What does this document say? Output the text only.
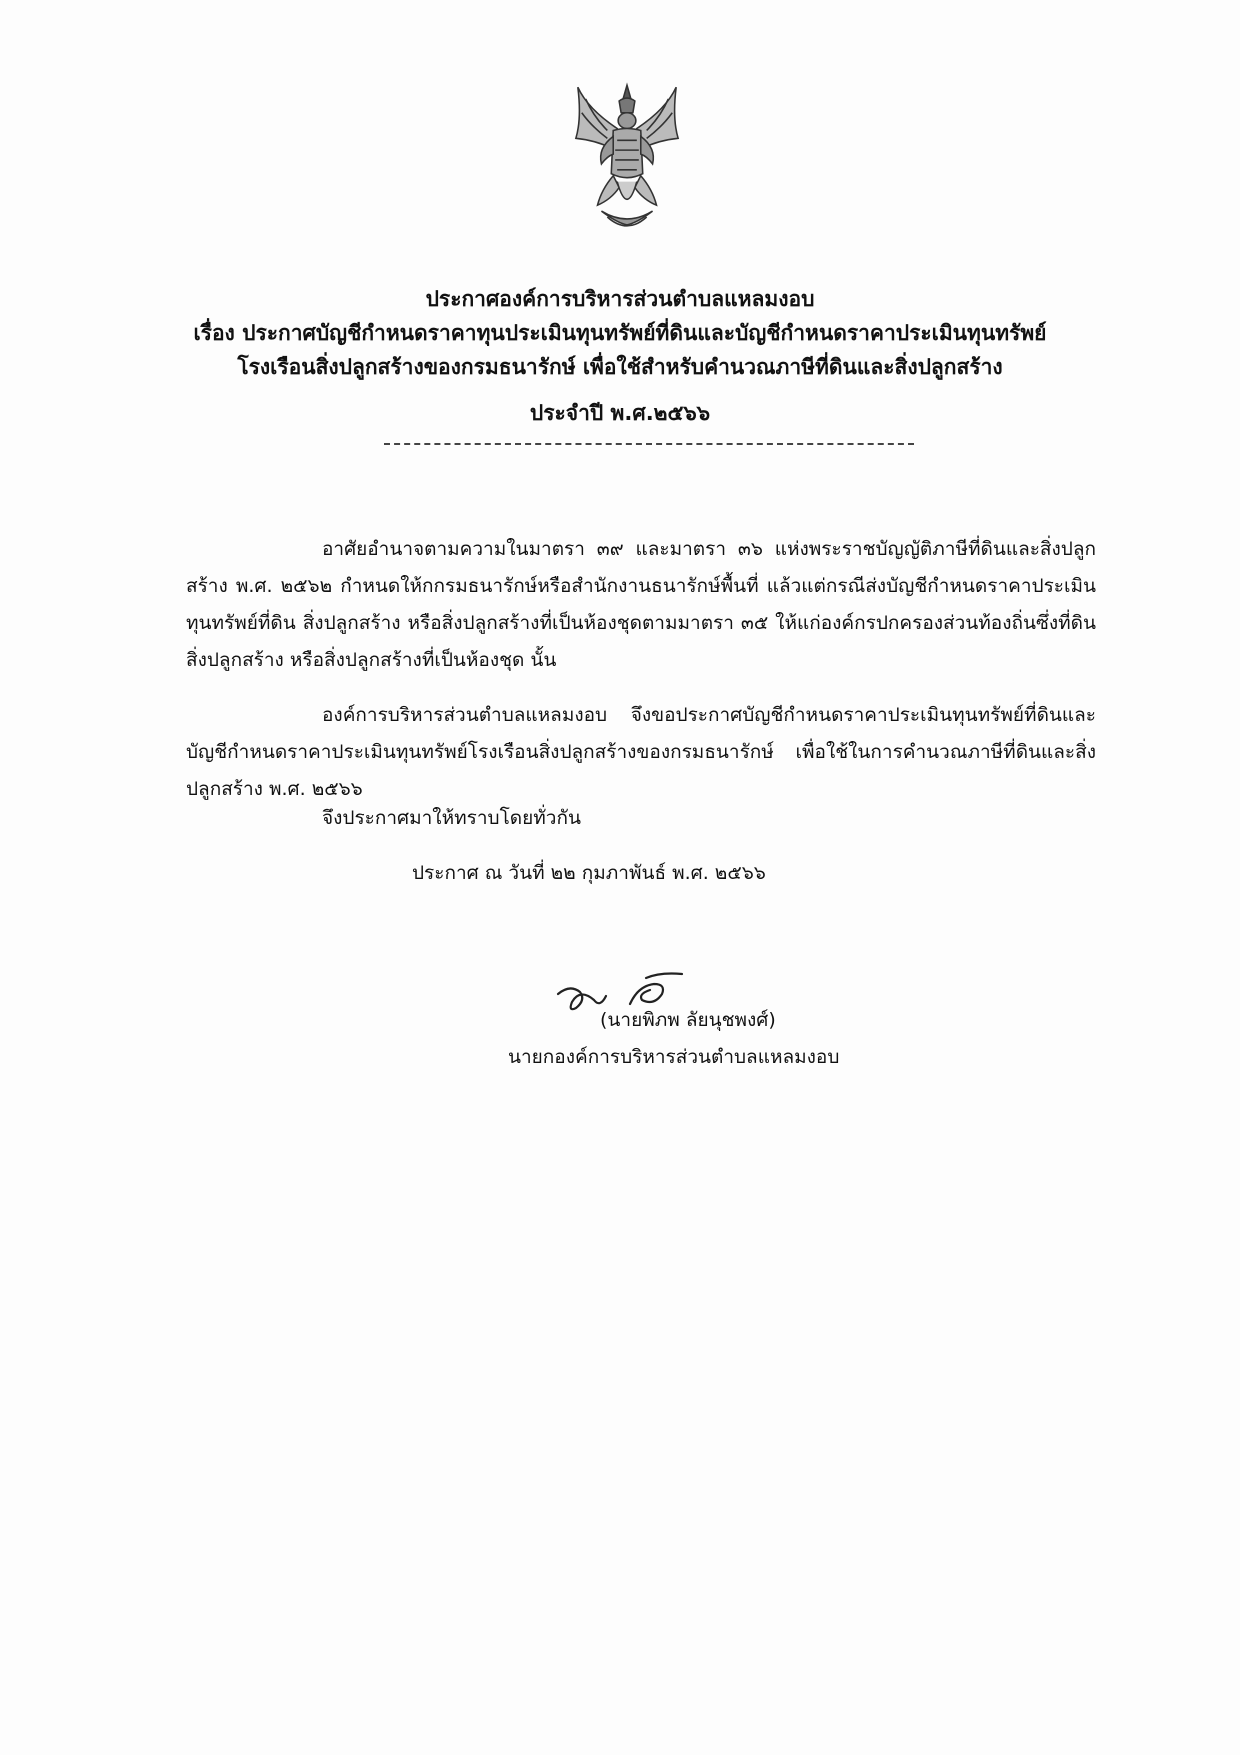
ประกาศองค์การบริหารส่วนตำบลแหลมงอบ
เรื่อง ประกาศบัญชีกำหนดราคาทุนประเมินทุนทรัพย์ที่ดินและบัญชีกำหนดราคาประเมินทุนทรัพย์
โรงเรือนสิ่งปลูกสร้างของกรมธนารักษ์ เพื่อใช้สำหรับคำนวณภาษีที่ดินและสิ่งปลูกสร้าง
ประจำปี พ.ศ.๒๕๖๖

อาศัยอำนาจตามความในมาตรา ๓๙ และมาตรา ๓๖ แห่งพระราชบัญญัติภาษีที่ดินและสิ่งปลูกสร้าง พ.ศ. ๒๕๖๒ กำหนดให้กกรมธนารักษ์หรือสำนักงานธนารักษ์พื้นที่ แล้วแต่กรณีส่งบัญชีกำหนดราคาประเมินทุนทรัพย์ที่ดิน สิ่งปลูกสร้าง หรือสิ่งปลูกสร้างที่เป็นห้องชุดตามมาตรา ๓๕ ให้แก่องค์กรปกครองส่วนท้องถิ่นซึ่งที่ดิน สิ่งปลูกสร้าง หรือสิ่งปลูกสร้างที่เป็นห้องชุด นั้น

องค์การบริหารส่วนตำบลแหลมงอบ จึงขอประกาศบัญชีกำหนดราคาประเมินทุนทรัพย์ที่ดินและบัญชีกำหนดราคาประเมินทุนทรัพย์โรงเรือนสิ่งปลูกสร้างของกรมธนารักษ์ เพื่อใช้ในการคำนวณภาษีที่ดินและสิ่งปลูกสร้าง พ.ศ. ๒๕๖๖

จึงประกาศมาให้ทราบโดยทั่วกัน
ประกาศ ณ วันที่ ๒๒ กุมภาพันธ์ พ.ศ. ๒๕๖๖
(นายพิภพ ลัยนุชพงศ์)
นายกองค์การบริหารส่วนตำบลแหลมงอบ
